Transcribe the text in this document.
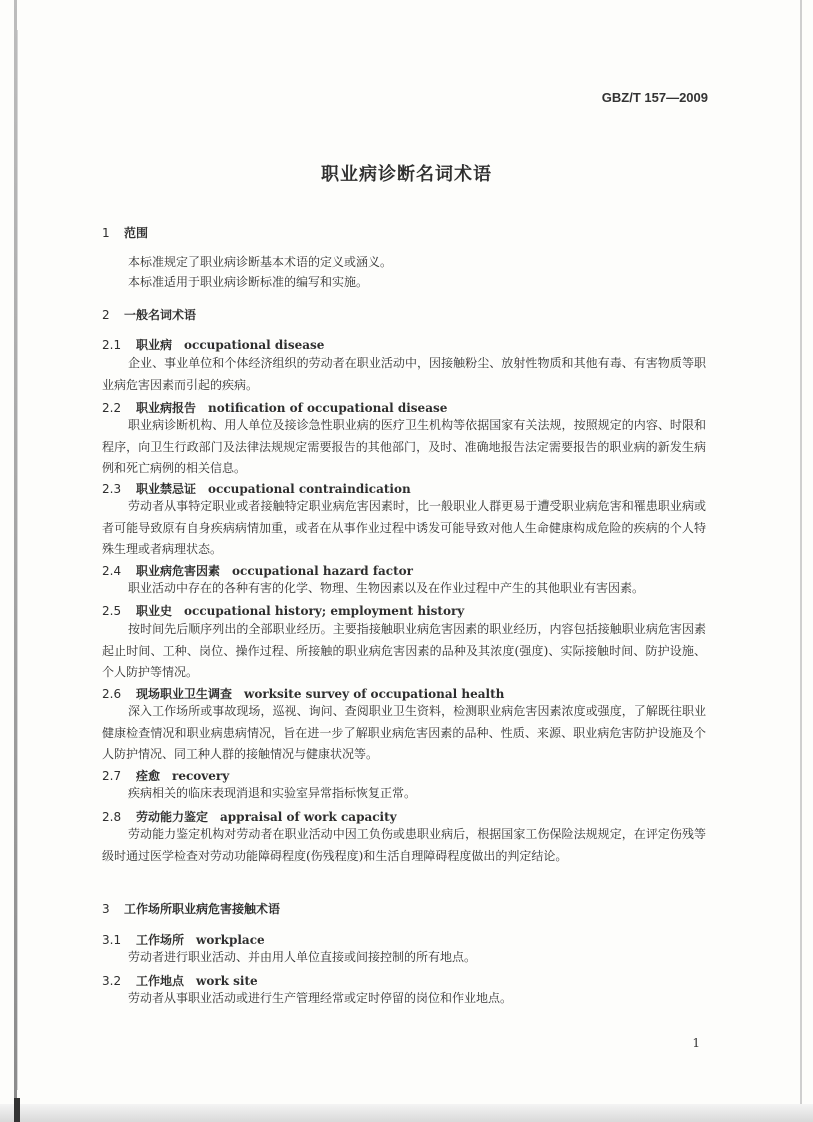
GBZ/T 157—2009
职业病诊断名词术语
1 范围

本标准规定了职业病诊断基本术语的定义或涵义。

本标准适用于职业病诊断标准的编写和实施。

2 一般名词术语
2.1 职业病 occupational disease

企业、事业单位和个体经济组织的劳动者在职业活动中，因接触粉尘、放射性物质和其他有毒、有害物质等职业病危害因素而引起的疾病。

2.2 职业病报告 notification of occupational disease

职业病诊断机构、用人单位及接诊急性职业病的医疗卫生机构等依据国家有关法规，按照规定的内容、时限和程序，向卫生行政部门及法律法规规定需要报告的其他部门，及时、准确地报告法定需要报告的职业病的新发生病例和死亡病例的相关信息。

2.3 职业禁忌证 occupational contraindication

劳动者从事特定职业或者接触特定职业病危害因素时，比一般职业人群更易于遭受职业病危害和罹患职业病或者可能导致原有自身疾病病情加重，或者在从事作业过程中诱发可能导致对他人生命健康构成危险的疾病的个人特殊生理或者病理状态。

2.4 职业病危害因素 occupational hazard factor

职业活动中存在的各种有害的化学、物理、生物因素以及在作业过程中产生的其他职业有害因素。

2.5 职业史 occupational history; employment history

按时间先后顺序列出的全部职业经历。主要指接触职业病危害因素的职业经历，内容包括接触职业病危害因素起止时间、工种、岗位、操作过程、所接触的职业病危害因素的品种及其浓度(强度)、实际接触时间、防护设施、个人防护等情况。

2.6 现场职业卫生调查 worksite survey of occupational health

深入工作场所或事故现场，巡视、询问、查阅职业卫生资料，检测职业病危害因素浓度或强度，了解既往职业健康检查情况和职业病患病情况，旨在进一步了解职业病危害因素的品种、性质、来源、职业病危害防护设施及个人防护情况、同工种人群的接触情况与健康状况等。

2.7 痊愈 recovery

疾病相关的临床表现消退和实验室异常指标恢复正常。

2.8 劳动能力鉴定 appraisal of work capacity

劳动能力鉴定机构对劳动者在职业活动中因工负伤或患职业病后，根据国家工伤保险法规规定，在评定伤残等级时通过医学检查对劳动功能障碍程度(伤残程度)和生活自理障碍程度做出的判定结论。

3 工作场所职业病危害接触术语
3.1 工作场所 workplace

劳动者进行职业活动、并由用人单位直接或间接控制的所有地点。

3.2 工作地点 work site

劳动者从事职业活动或进行生产管理经常或定时停留的岗位和作业地点。

1
